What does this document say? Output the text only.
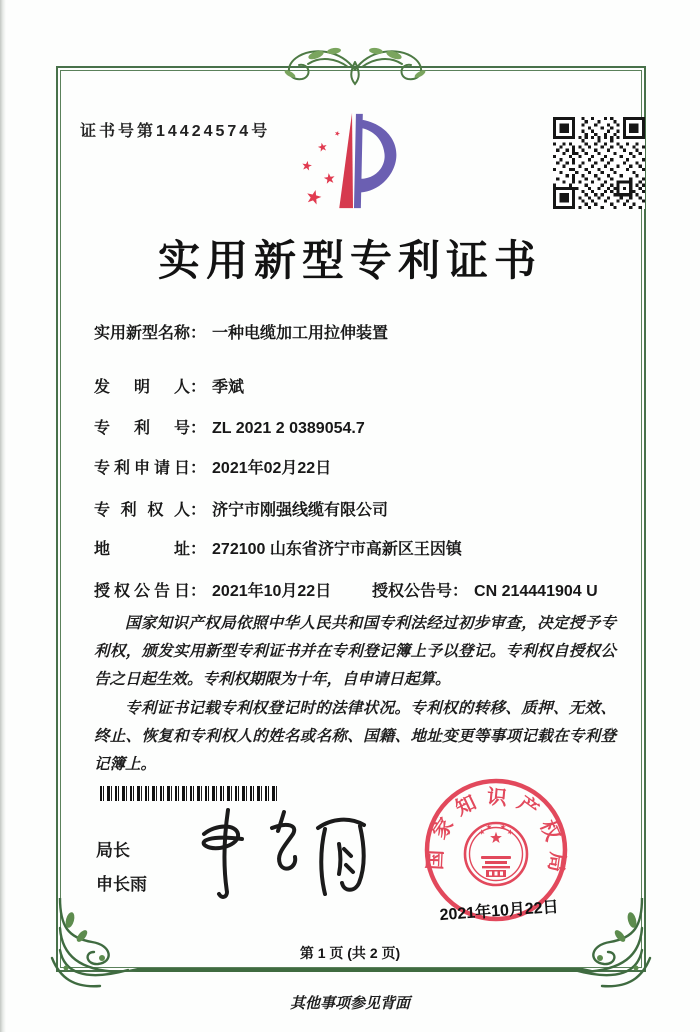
证书号第14424574号
实用新型专利证书
实用新型名称： 一种电缆加工用拉伸装置
发明人： 季斌
专利号： ZL 2021 2 0389054.7
专利申请日： 2021年02月22日
专利权人： 济宁市刚强线缆有限公司
地址： 272100 山东省济宁市高新区王因镇
授权公告日： 2021年10月22日	授权公告号： CN 214441904 U

国家知识产权局依照中华人民共和国专利法经过初步审查，决定授予专利权，颁发实用新型专利证书并在专利登记簿上予以登记。专利权自授权公告之日起生效。专利权期限为十年，自申请日起算。

专利证书记载专利权登记时的法律状况。专利权的转移、质押、无效、终止、恢复和专利权人的姓名或名称、国籍、地址变更等事项记载在专利登记簿上。

局长
申长雨
国家知识产权局
2021年10月22日
第 1 页 (共 2 页)
其他事项参见背面
